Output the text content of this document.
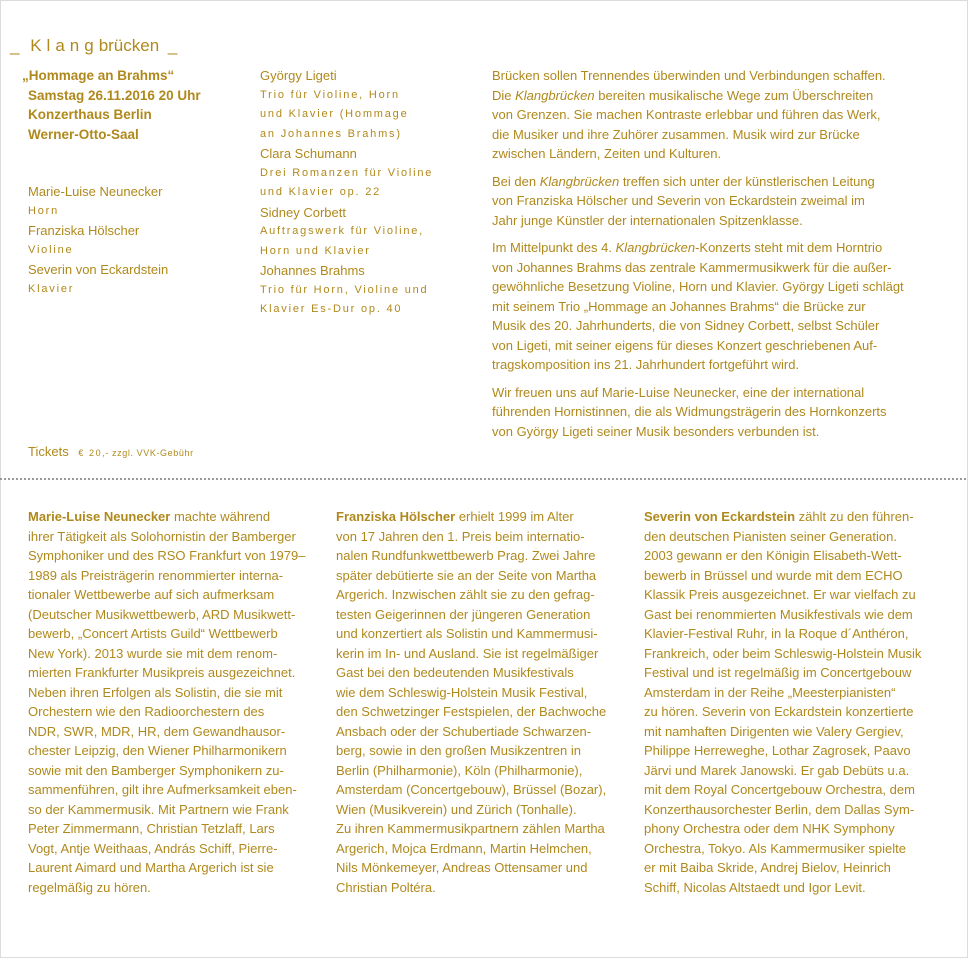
_ Klangbrücken _
„Hommage an Brahms“
Samstag 26.11.2016 20 Uhr
Konzerthaus Berlin
Werner-Otto-Saal
Marie-Luise Neunecker
Horn
Franziska Hölscher
Violine
Severin von Eckardstein
Klavier
György Ligeti
Trio für Violine, Horn
und Klavier (Hommage
an Johannes Brahms)
Clara Schumann
Drei Romanzen für Violine
und Klavier op. 22
Sidney Corbett
Auftragswerk für Violine,
Horn und Klavier
Johannes Brahms
Trio für Horn, Violine und
Klavier Es-Dur op. 40

Brücken sollen Trennendes überwinden und Verbindungen schaffen.
Die Klangbrücken bereiten musikalische Wege zum Überschreiten
von Grenzen. Sie machen Kontraste erlebbar und führen das Werk,
die Musiker und ihre Zuhörer zusammen. Musik wird zur Brücke
zwischen Ländern, Zeiten und Kulturen.

Bei den Klangbrücken treffen sich unter der künstlerischen Leitung
von Franziska Hölscher und Severin von Eckardstein zweimal im
Jahr junge Künstler der internationalen Spitzenklasse.

Im Mittelpunkt des 4. Klangbrücken-Konzerts steht mit dem Horntrio
von Johannes Brahms das zentrale Kammermusikwerk für die außer-
gewöhnliche Besetzung Violine, Horn und Klavier. György Ligeti schlägt
mit seinem Trio „Hommage an Johannes Brahms“ die Brücke zur
Musik des 20. Jahrhunderts, die von Sidney Corbett, selbst Schüler
von Ligeti, mit seiner eigens für dieses Konzert geschriebenen Auf-
tragskomposition ins 21. Jahrhundert fortgeführt wird.

Wir freuen uns auf Marie-Luise Neunecker, eine der international
führenden Hornistinnen, die als Widmungsträgerin des Hornkonzerts
von György Ligeti seiner Musik besonders verbunden ist.

Tickets € 20,- zzgl. VVK-Gebühr
Marie-Luise Neunecker machte während
ihrer Tätigkeit als Solohornistin der Bamberger
Symphoniker und des RSO Frankfurt von 1979–
1989 als Preisträgerin renommierter interna-
tionaler Wettbewerbe auf sich aufmerksam
(Deutscher Musikwettbewerb, ARD Musikwett-
bewerb, „Concert Artists Guild“ Wettbewerb
New York). 2013 wurde sie mit dem renom-
mierten Frankfurter Musikpreis ausgezeichnet.
Neben ihren Erfolgen als Solistin, die sie mit
Orchestern wie den Radioorchestern des
NDR, SWR, MDR, HR, dem Gewandhausor-
chester Leipzig, den Wiener Philharmonikern
sowie mit den Bamberger Symphonikern zu-
sammenführen, gilt ihre Aufmerksamkeit eben-
so der Kammermusik. Mit Partnern wie Frank
Peter Zimmermann, Christian Tetzlaff, Lars
Vogt, Antje Weithaas, András Schiff, Pierre-
Laurent Aimard und Martha Argerich ist sie
regelmäßig zu hören.
Franziska Hölscher erhielt 1999 im Alter
von 17 Jahren den 1. Preis beim internatio-
nalen Rundfunkwettbewerb Prag. Zwei Jahre
später debütierte sie an der Seite von Martha
Argerich. Inzwischen zählt sie zu den gefrag-
testen Geigerinnen der jüngeren Generation
und konzertiert als Solistin und Kammermusi-
kerin im In- und Ausland. Sie ist regelmäßiger
Gast bei den bedeutenden Musikfestivals
wie dem Schleswig-Holstein Musik Festival,
den Schwetzinger Festspielen, der Bachwoche
Ansbach oder der Schubertiade Schwarzen-
berg, sowie in den großen Musikzentren in
Berlin (Philharmonie), Köln (Philharmonie),
Amsterdam (Concertgebouw), Brüssel (Bozar),
Wien (Musikverein) und Zürich (Tonhalle).
Zu ihren Kammermusikpartnern zählen Martha
Argerich, Mojca Erdmann, Martin Helmchen,
Nils Mönkemeyer, Andreas Ottensamer und
Christian Poltéra.
Severin von Eckardstein zählt zu den führen-
den deutschen Pianisten seiner Generation.
2003 gewann er den Königin Elisabeth-Wett-
bewerb in Brüssel und wurde mit dem ECHO
Klassik Preis ausgezeichnet. Er war vielfach zu
Gast bei renommierten Musikfestivals wie dem
Klavier-Festival Ruhr, in la Roque d´Anthéron,
Frankreich, oder beim Schleswig-Holstein Musik
Festival und ist regelmäßig im Concertgebouw
Amsterdam in der Reihe „Meesterpianisten“
zu hören. Severin von Eckardstein konzertierte
mit namhaften Dirigenten wie Valery Gergiev,
Philippe Herreweghe, Lothar Zagrosek, Paavo
Järvi und Marek Janowski. Er gab Debüts u.a.
mit dem Royal Concertgebouw Orchestra, dem
Konzerthausorchester Berlin, dem Dallas Sym-
phony Orchestra oder dem NHK Symphony
Orchestra, Tokyo. Als Kammermusiker spielte
er mit Baiba Skride, Andrej Bielov, Heinrich
Schiff, Nicolas Altstaedt und Igor Levit.
